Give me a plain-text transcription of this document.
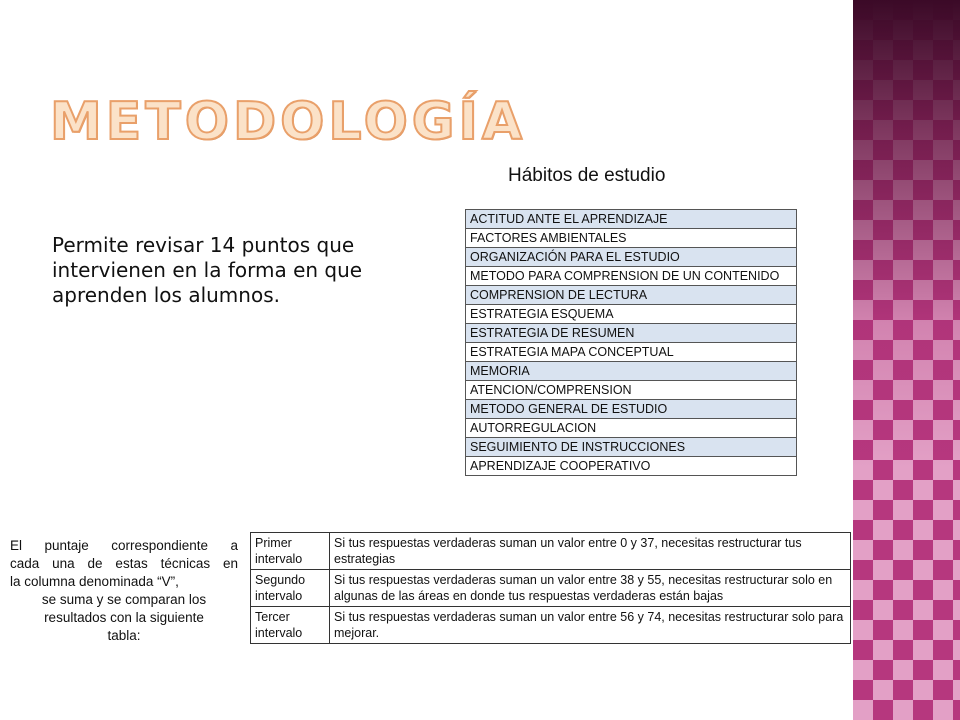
METODOLOGÍA
Hábitos de estudio

Permite revisar 14 puntos que intervienen en la forma en que aprenden los alumnos.

ACTITUD ANTE EL APRENDIZAJE
FACTORES AMBIENTALES
ORGANIZACIÓN PARA EL ESTUDIO
METODO PARA COMPRENSION DE UN CONTENIDO
COMPRENSION DE LECTURA
ESTRATEGIA ESQUEMA
ESTRATEGIA DE RESUMEN
ESTRATEGIA MAPA CONCEPTUAL
MEMORIA
ATENCION/COMPRENSION
METODO GENERAL DE ESTUDIO
AUTORREGULACION
SEGUIMIENTO DE INSTRUCCIONES
APRENDIZAJE COOPERATIVO

El puntaje correspondiente a
cada una de estas técnicas en
la columna denominada “V”,
se suma y se comparan los
resultados con la siguiente
tabla:

Primer intervalo	Si tus respuestas verdaderas suman un valor entre 0 y 37, necesitas restructurar tus estrategias
Segundo intervalo	Si tus respuestas verdaderas suman un valor entre 38 y 55, necesitas restructurar solo en algunas de las áreas en donde tus respuestas verdaderas están bajas
Tercer intervalo	Si tus respuestas verdaderas suman un valor entre 56 y 74, necesitas restructurar solo para mejorar.
